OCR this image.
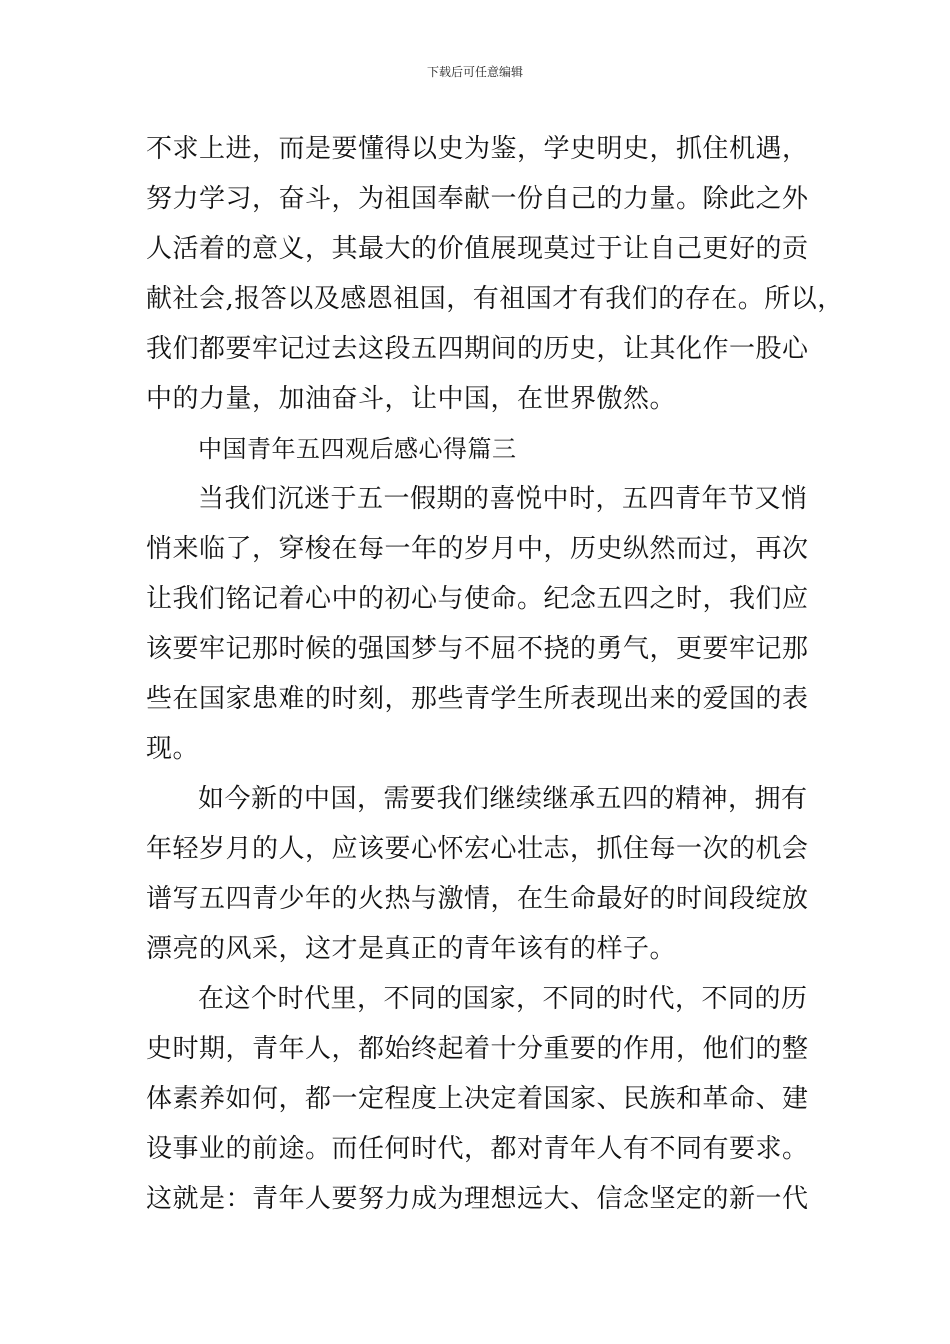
下载后可任意编辑
不求上进，而是要懂得以史为鉴，学史明史，抓住机遇，
努力学习，奋斗，为祖国奉献一份自己的力量。除此之外
人活着的意义，其最大的价值展现莫过于让自己更好的贡
献社会,报答以及感恩祖国，有祖国才有我们的存在。所以，
我们都要牢记过去这段五四期间的历史，让其化作一股心
中的力量，加油奋斗，让中国，在世界傲然。
中国青年五四观后感心得篇三
当我们沉迷于五一假期的喜悦中时，五四青年节又悄
悄来临了，穿梭在每一年的岁月中，历史纵然而过，再次
让我们铭记着心中的初心与使命。纪念五四之时，我们应
该要牢记那时候的强国梦与不屈不挠的勇气，更要牢记那
些在国家患难的时刻，那些青学生所表现出来的爱国的表
现。
如今新的中国，需要我们继续继承五四的精神，拥有
年轻岁月的人，应该要心怀宏心壮志，抓住每一次的机会
谱写五四青少年的火热与激情，在生命最好的时间段绽放
漂亮的风采，这才是真正的青年该有的样子。
在这个时代里，不同的国家，不同的时代，不同的历
史时期，青年人，都始终起着十分重要的作用，他们的整
体素养如何，都一定程度上决定着国家、民族和革命、建
设事业的前途。而任何时代，都对青年人有不同有要求。
这就是：青年人要努力成为理想远大、信念坚定的新一代
